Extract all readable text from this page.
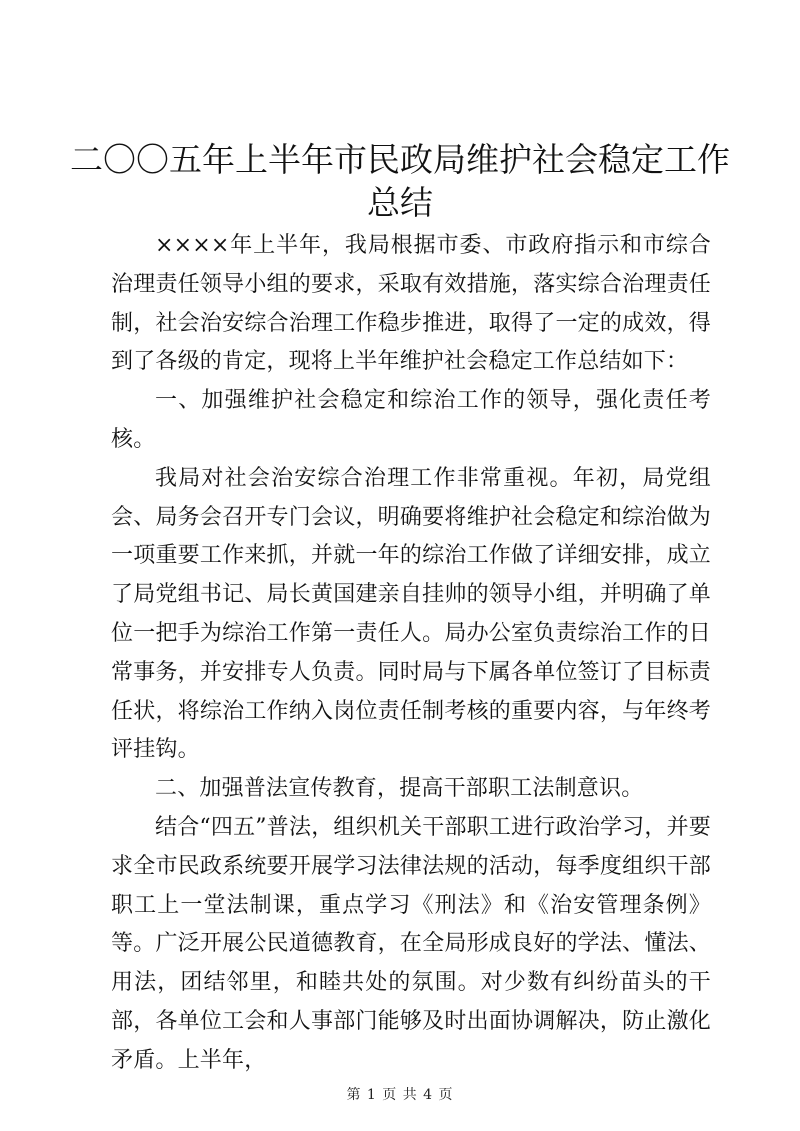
二〇〇五年上半年市民政局维护社会稳定工作总结

××××年上半年，我局根据市委、市政府指示和市综合治理责任领导小组的要求，采取有效措施，落实综合治理责任制，社会治安综合治理工作稳步推进，取得了一定的成效，得到了各级的肯定，现将上半年维护社会稳定工作总结如下：

一、加强维护社会稳定和综治工作的领导，强化责任考核。

我局对社会治安综合治理工作非常重视。年初，局党组会、局务会召开专门会议，明确要将维护社会稳定和综治做为一项重要工作来抓，并就一年的综治工作做了详细安排，成立了局党组书记、局长黄国建亲自挂帅的领导小组，并明确了单位一把手为综治工作第一责任人。局办公室负责综治工作的日常事务，并安排专人负责。同时局与下属各单位签订了目标责任状，将综治工作纳入岗位责任制考核的重要内容，与年终考评挂钩。

二、加强普法宣传教育，提高干部职工法制意识。

结合“四五”普法，组织机关干部职工进行政治学习，并要求全市民政系统要开展学习法律法规的活动，每季度组织干部职工上一堂法制课，重点学习《刑法》和《治安管理条例》等。广泛开展公民道德教育，在全局形成良好的学法、懂法、用法，团结邻里，和睦共处的氛围。对少数有纠纷苗头的干部，各单位工会和人事部门能够及时出面协调解决，防止激化矛盾。上半年，

第 1 页 共 4 页
